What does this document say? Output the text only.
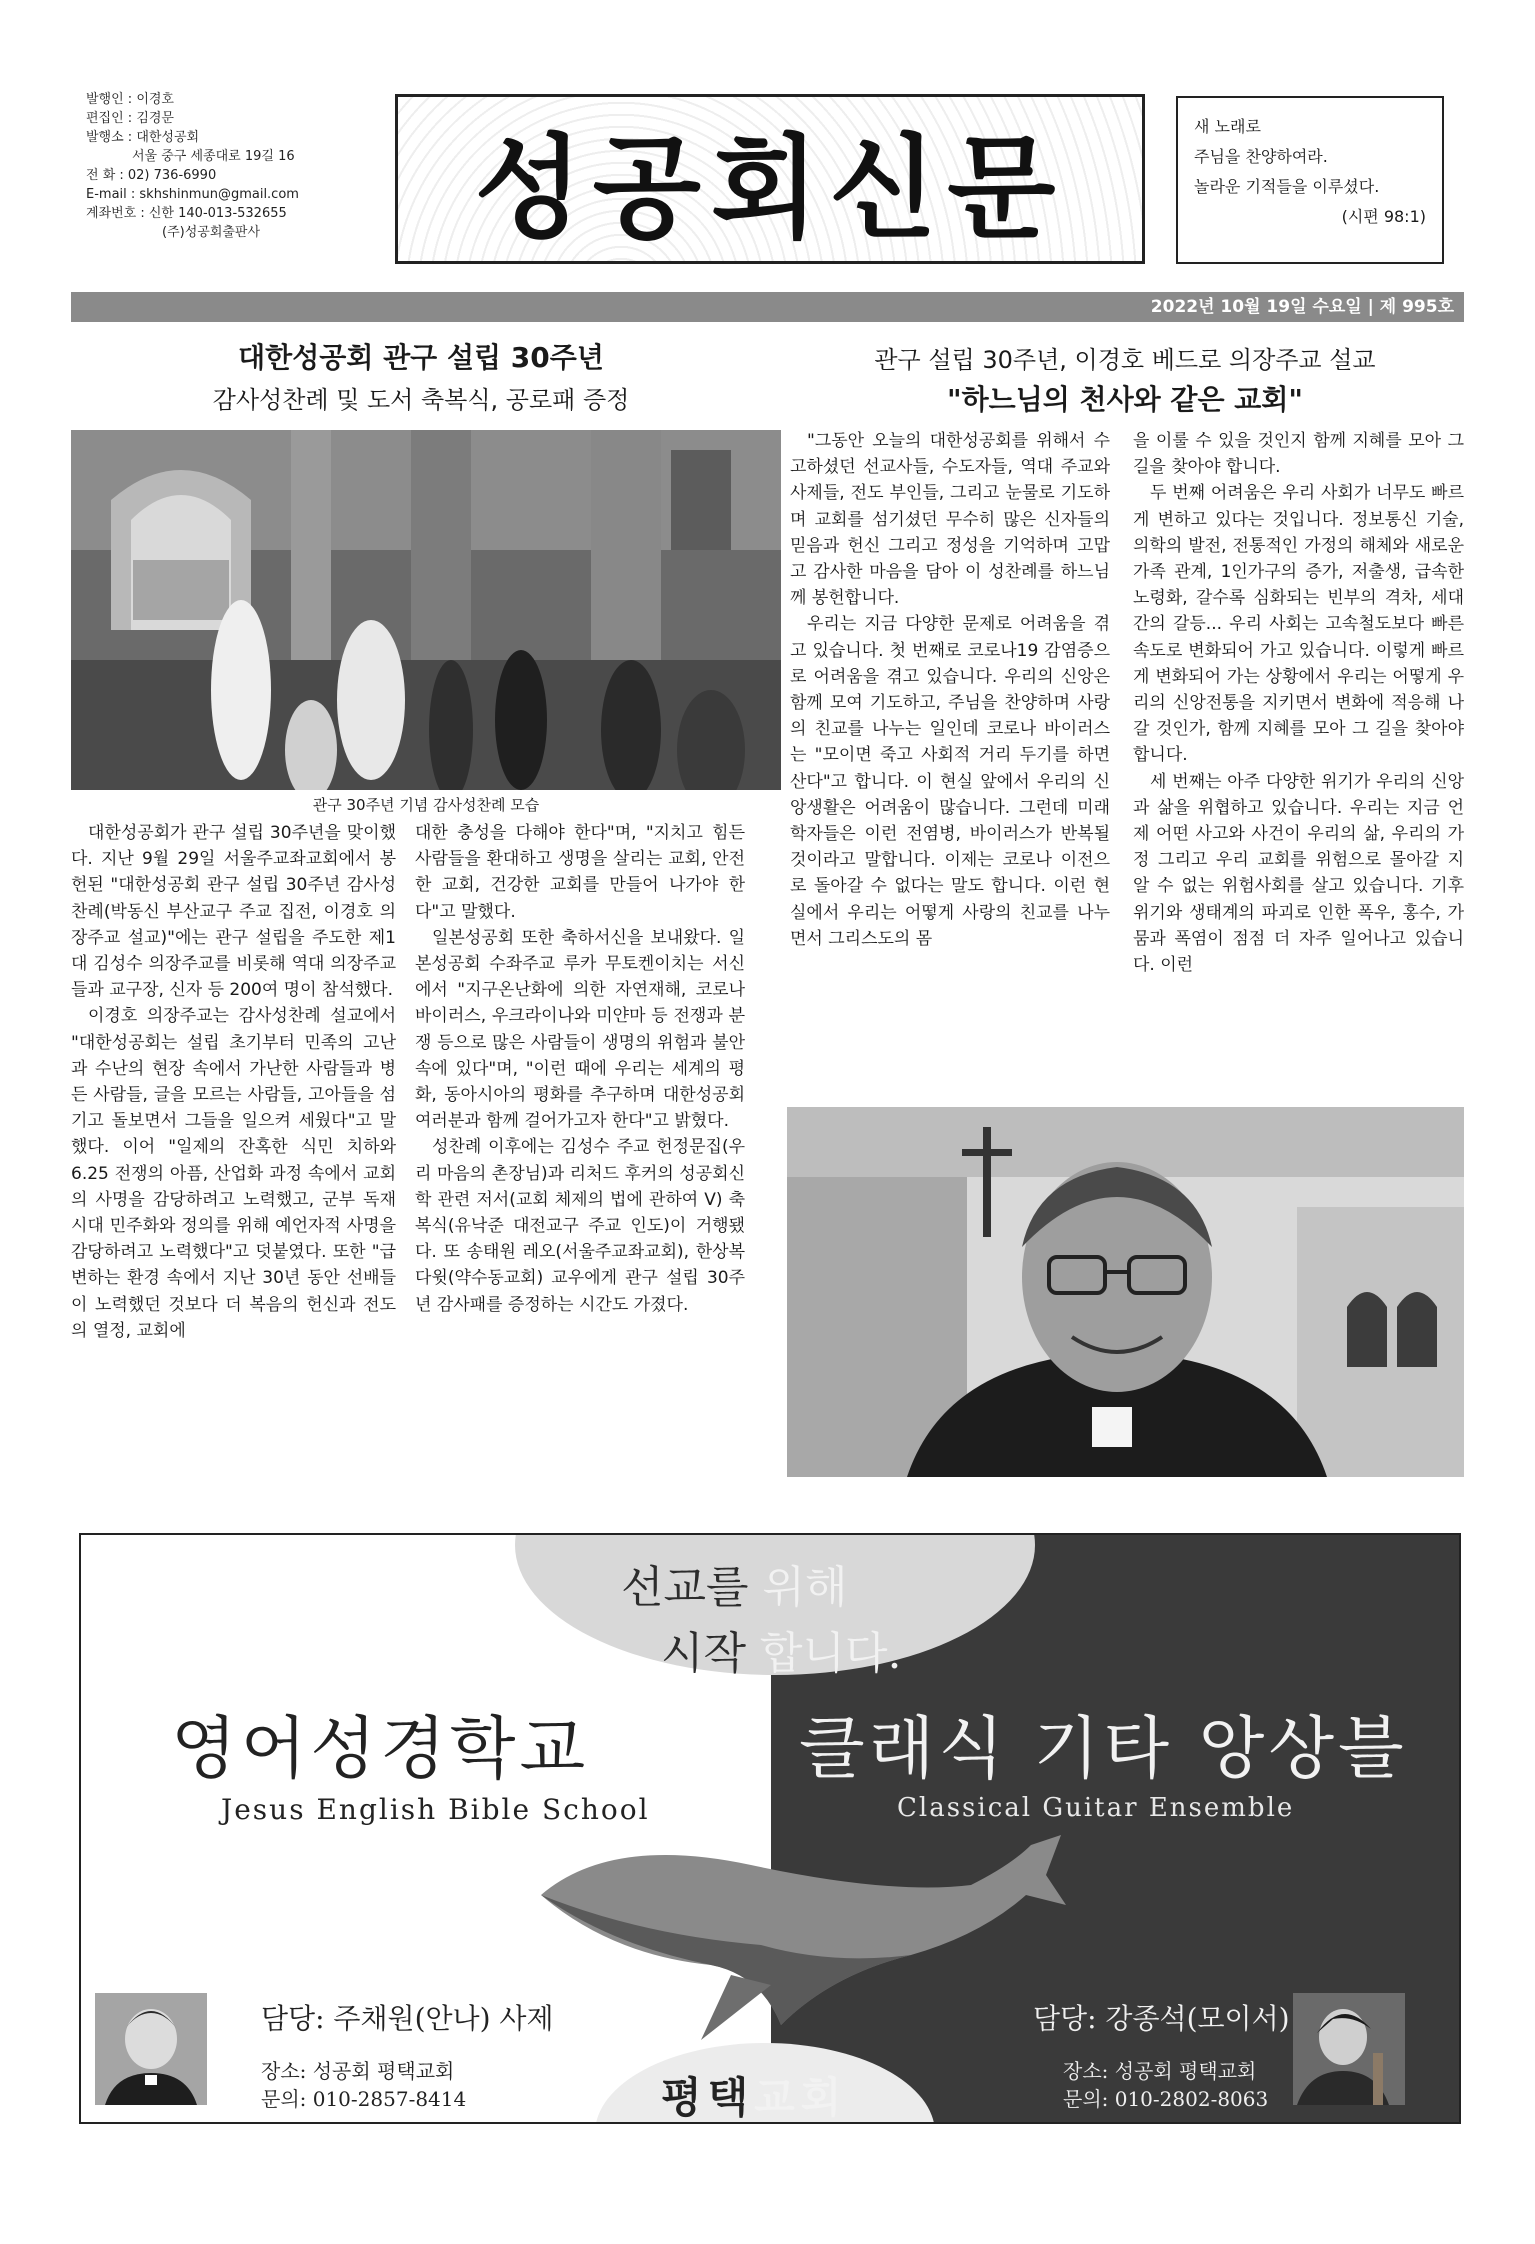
발행인 : 이경호
편집인 : 김경문
발행소 : 대한성공회
서울 중구 세종대로 19길 16
전 화 : 02) 736-6990
E-mail : skhshinmun@gmail.com
계좌번호 : 신한 140-013-532655
(주)성공회출판사	성공회신문	새 노래로
주님을 찬양하여라.
놀라운 기적들을 이루셨다.
(시편 98:1)
2022년 10월 19일 수요일 | 제 995호
대한성공회 관구 설립 30주년
감사성찬례 및 도서 축복식, 공로패 증정
관구 30주년 기념 감사성찬례 모습

대한성공회가 관구 설립 30주년을 맞이했다. 지난 9월 29일 서울주교좌교회에서 봉헌된 "대한성공회 관구 설립 30주년 감사성찬례(박동신 부산교구 주교 집전, 이경호 의장주교 설교)"에는 관구 설립을 주도한 제1대 김성수 의장주교를 비롯해 역대 의장주교들과 교구장, 신자 등 200여 명이 참석했다.

이경호 의장주교는 감사성찬례 설교에서 "대한성공회는 설립 초기부터 민족의 고난과 수난의 현장 속에서 가난한 사람들과 병든 사람들, 글을 모르는 사람들, 고아들을 섬기고 돌보면서 그들을 일으켜 세웠다"고 말했다. 이어 "일제의 잔혹한 식민 치하와 6.25 전쟁의 아픔, 산업화 과정 속에서 교회의 사명을 감당하려고 노력했고, 군부 독재 시대 민주화와 정의를 위해 예언자적 사명을 감당하려고 노력했다"고 덧붙였다. 또한 "급변하는 환경 속에서 지난 30년 동안 선배들이 노력했던 것보다 더 복음의 헌신과 전도의 열정, 교회에

대한 충성을 다해야 한다"며, "지치고 힘든 사람들을 환대하고 생명을 살리는 교회, 안전한 교회, 건강한 교회를 만들어 나가야 한다"고 말했다.

일본성공회 또한 축하서신을 보내왔다. 일본성공회 수좌주교 루카 무토켄이치는 서신에서 "지구온난화에 의한 자연재해, 코로나 바이러스, 우크라이나와 미얀마 등 전쟁과 분쟁 등으로 많은 사람들이 생명의 위험과 불안 속에 있다"며, "이런 때에 우리는 세계의 평화, 동아시아의 평화를 추구하며 대한성공회 여러분과 함께 걸어가고자 한다"고 밝혔다.

성찬례 이후에는 김성수 주교 헌정문집(우리 마음의 촌장님)과 리처드 후커의 성공회신학 관련 저서(교회 체제의 법에 관하여 V) 축복식(유낙준 대전교구 주교 인도)이 거행됐다. 또 송태원 레오(서울주교좌교회), 한상복 다윗(약수동교회) 교우에게 관구 설립 30주년 감사패를 증정하는 시간도 가졌다.

관구 설립 30주년, 이경호 베드로 의장주교 설교
"하느님의 천사와 같은 교회"

"그동안 오늘의 대한성공회를 위해서 수고하셨던 선교사들, 수도자들, 역대 주교와 사제들, 전도 부인들, 그리고 눈물로 기도하며 교회를 섬기셨던 무수히 많은 신자들의 믿음과 헌신 그리고 정성을 기억하며 고맙고 감사한 마음을 담아 이 성찬례를 하느님께 봉헌합니다.

우리는 지금 다양한 문제로 어려움을 겪고 있습니다. 첫 번째로 코로나19 감염증으로 어려움을 겪고 있습니다. 우리의 신앙은 함께 모여 기도하고, 주님을 찬양하며 사랑의 친교를 나누는 일인데 코로나 바이러스는 "모이면 죽고 사회적 거리 두기를 하면 산다"고 합니다. 이 현실 앞에서 우리의 신앙생활은 어려움이 많습니다. 그런데 미래학자들은 이런 전염병, 바이러스가 반복될 것이라고 말합니다. 이제는 코로나 이전으로 돌아갈 수 없다는 말도 합니다. 이런 현실에서 우리는 어떻게 사랑의 친교를 나누면서 그리스도의 몸

을 이룰 수 있을 것인지 함께 지혜를 모아 그 길을 찾아야 합니다.

두 번째 어려움은 우리 사회가 너무도 빠르게 변하고 있다는 것입니다. 정보통신 기술, 의학의 발전, 전통적인 가정의 해체와 새로운 가족 관계, 1인가구의 증가, 저출생, 급속한 노령화, 갈수록 심화되는 빈부의 격차, 세대 간의 갈등... 우리 사회는 고속철도보다 빠른 속도로 변화되어 가고 있습니다. 이렇게 빠르게 변화되어 가는 상황에서 우리는 어떻게 우리의 신앙전통을 지키면서 변화에 적응해 나갈 것인가, 함께 지혜를 모아 그 길을 찾아야 합니다.

세 번째는 아주 다양한 위기가 우리의 신앙과 삶을 위협하고 있습니다. 우리는 지금 언제 어떤 사고와 사건이 우리의 삶, 우리의 가정 그리고 우리 교회를 위험으로 몰아갈 지 알 수 없는 위험사회를 살고 있습니다. 기후위기와 생태계의 파괴로 인한 폭우, 홍수, 가뭄과 폭염이 점점 더 자주 일어나고 있습니다. 이런

선교를 위해
시작 합니다.
영어성경학교
Jesus English Bible School
클래식 기타 앙상블
Classical Guitar Ensemble
담당: 주채원(안나) 사제
장소: 성공회 평택교회
문의: 010-2857-8414
담당: 강종석(모이서)
장소: 성공회 평택교회
문의: 010-2802-8063
평택교회
